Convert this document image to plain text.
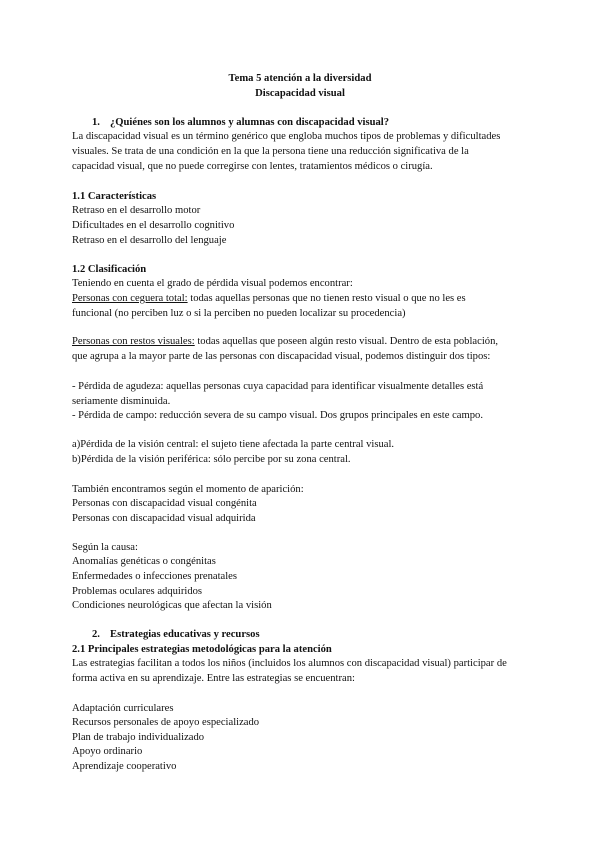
Tema 5 atención a la diversidad
Discapacidad visual
1. ¿Quiénes son los alumnos y alumnas con discapacidad visual?
La discapacidad visual es un término genérico que engloba muchos tipos de problemas y dificultades
visuales. Se trata de una condición en la que la persona tiene una reducción significativa de la
capacidad visual, que no puede corregirse con lentes, tratamientos médicos o cirugía.
1.1 Características
Retraso en el desarrollo motor
Dificultades en el desarrollo cognitivo
Retraso en el desarrollo del lenguaje
1.2 Clasificación
Teniendo en cuenta el grado de pérdida visual podemos encontrar:
Personas con ceguera total: todas aquellas personas que no tienen resto visual o que no les es
funcional (no perciben luz o si la perciben no pueden localizar su procedencia)
Personas con restos visuales: todas aquellas que poseen algún resto visual. Dentro de esta población,
que agrupa a la mayor parte de las personas con discapacidad visual, podemos distinguir dos tipos:
- Pérdida de agudeza: aquellas personas cuya capacidad para identificar visualmente detalles está
seriamente disminuida.
- Pérdida de campo: reducción severa de su campo visual. Dos grupos principales en este campo.
a)Pérdida de la visión central: el sujeto tiene afectada la parte central visual.
b)Pérdida de la visión periférica: sólo percibe por su zona central.
También encontramos según el momento de aparición:
Personas con discapacidad visual congénita
Personas con discapacidad visual adquirida
Según la causa:
Anomalías genéticas o congénitas
Enfermedades o infecciones prenatales
Problemas oculares adquiridos
Condiciones neurológicas que afectan la visión
2. Estrategias educativas y recursos
2.1 Principales estrategias metodológicas para la atención
Las estrategias facilitan a todos los niños (incluidos los alumnos con discapacidad visual) participar de
forma activa en su aprendizaje. Entre las estrategias se encuentran:
Adaptación curriculares
Recursos personales de apoyo especializado
Plan de trabajo individualizado
Apoyo ordinario
Aprendizaje cooperativo
